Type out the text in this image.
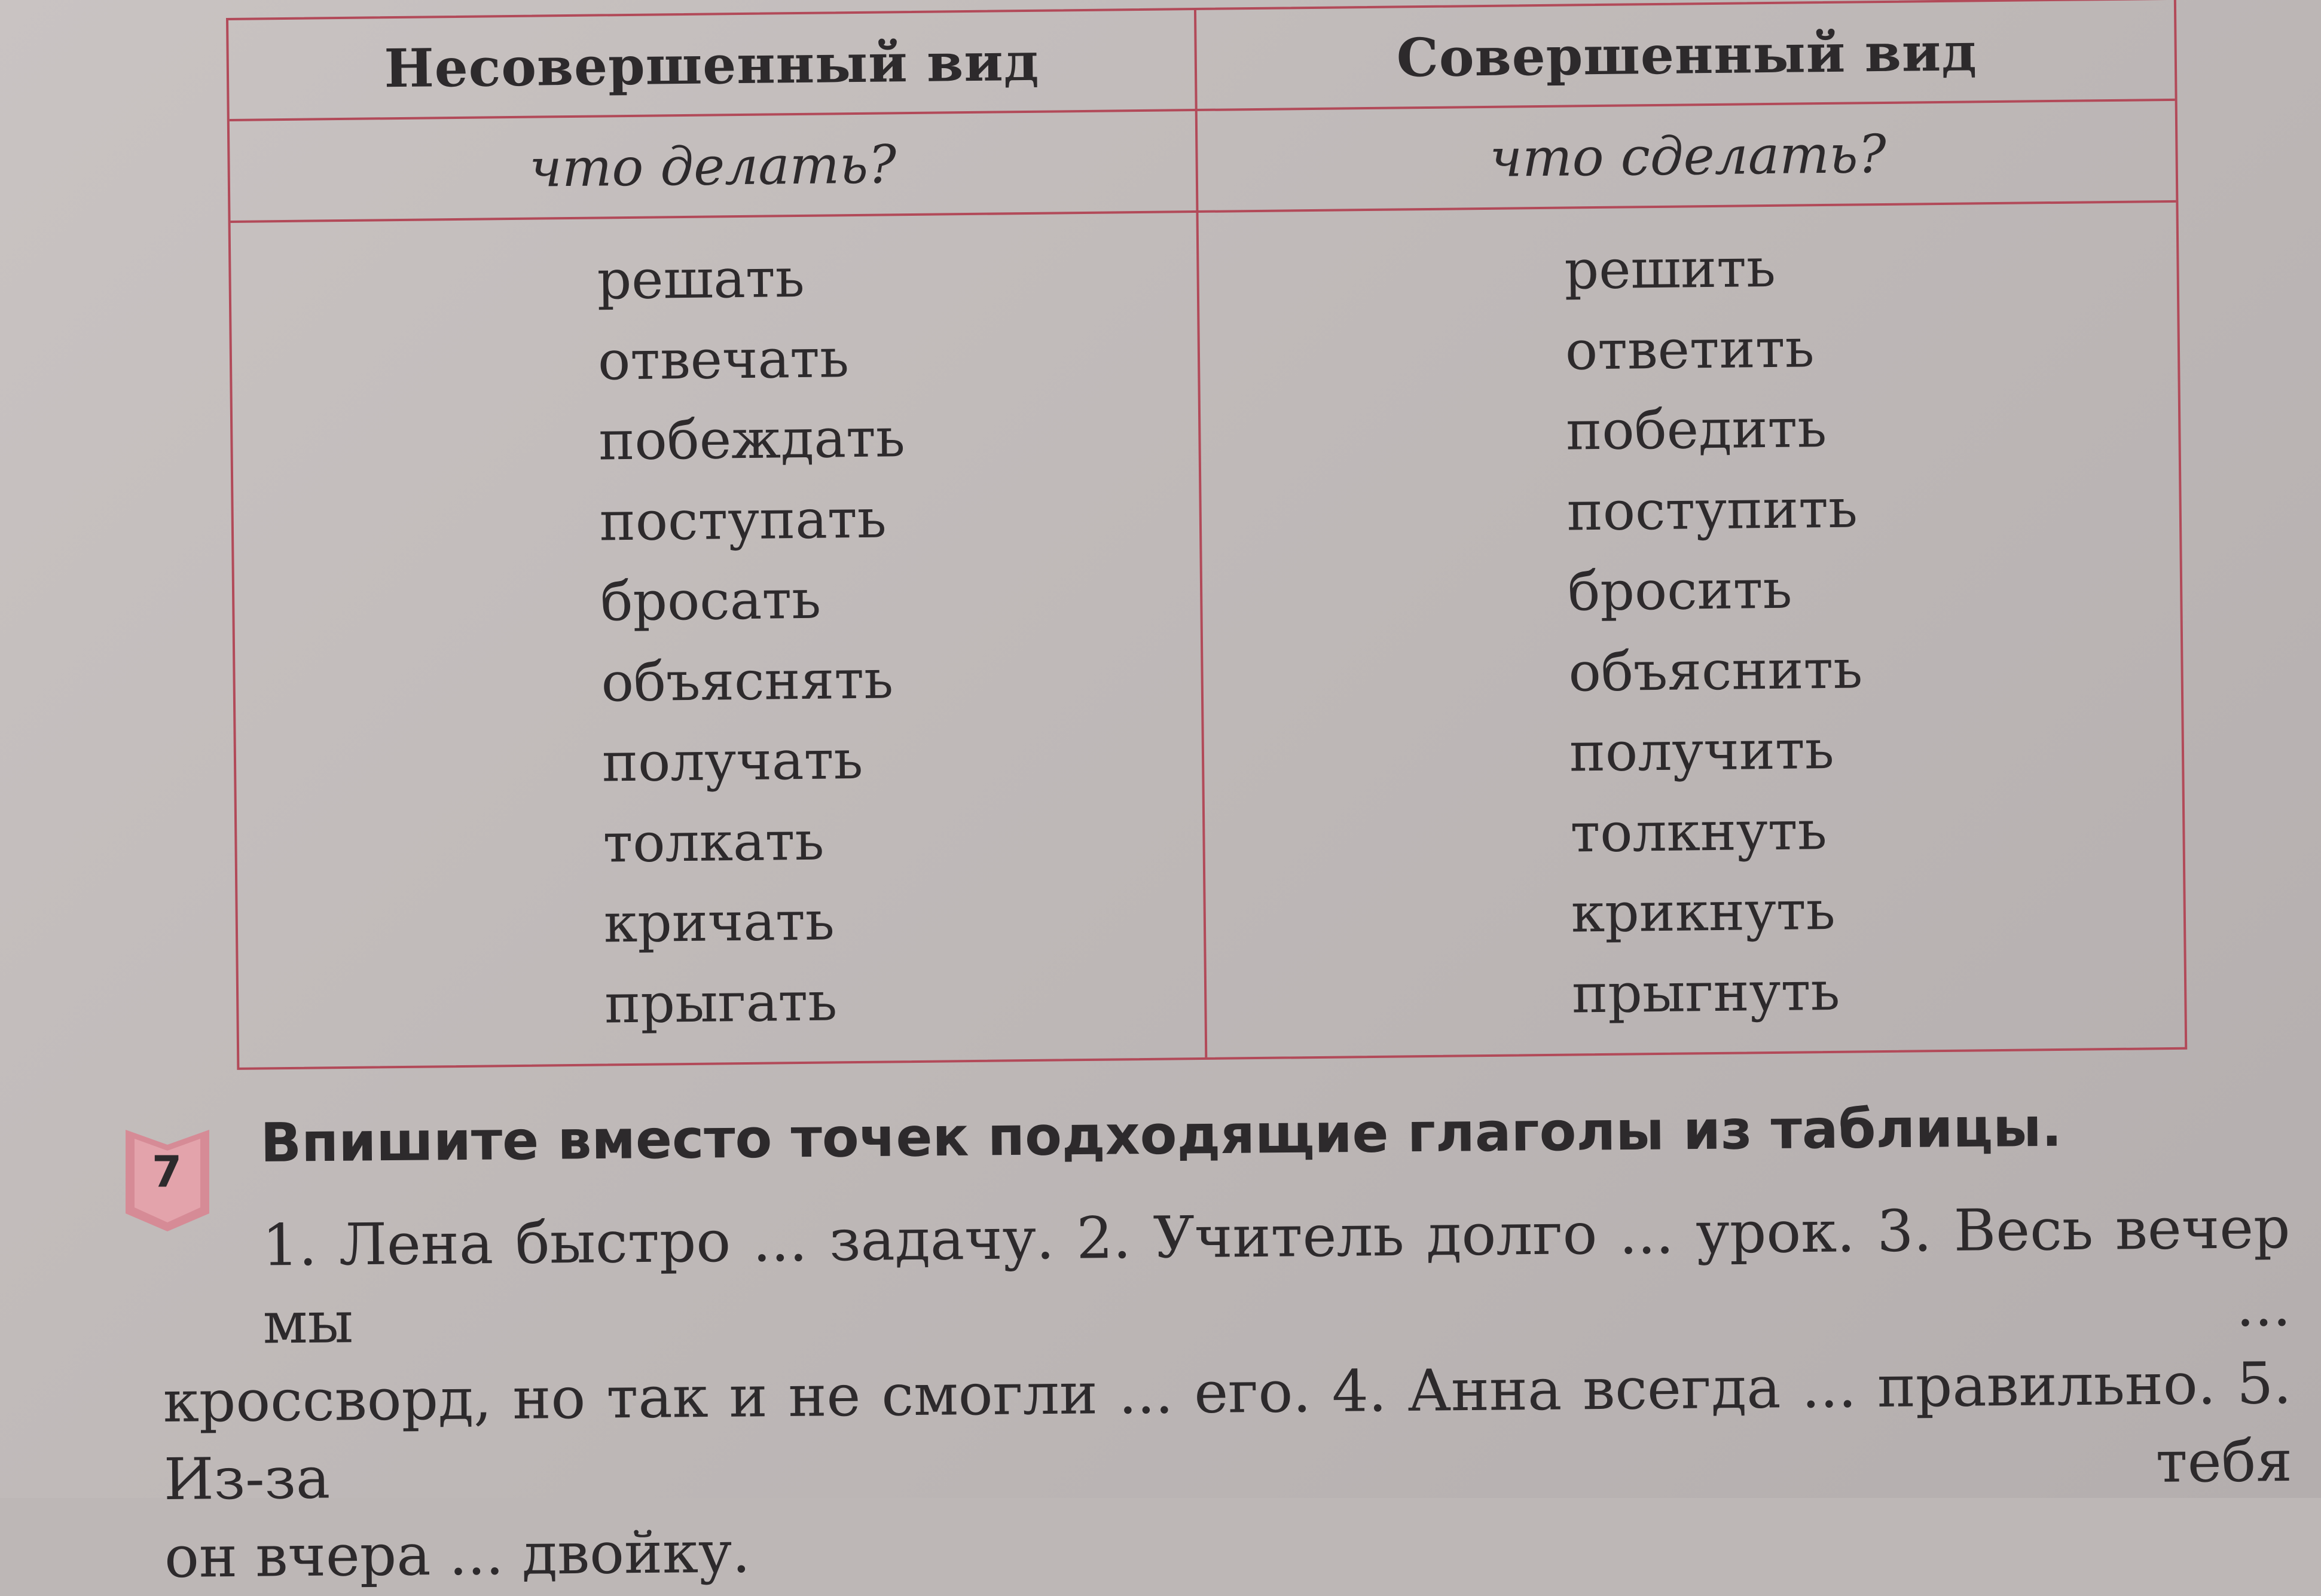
Несовершенный вид	Совершенный вид
что делать?	что сделать?
решать
отвечать
побеждать
поступать
бросать
объяснять
получать
толкать
кричать
прыгать
решить
ответить
победить
поступить
бросить
объяснить
получить
толкнуть
крикнуть
прыгнуть
7 Впишите вместо точек подходящие глаголы из таблицы.
1. Лена быстро ... задачу. 2. Учитель долго ... урок. 3. Весь вечер мы ...
кроссворд, но так и не смогли ... его. 4. Анна всегда ... правильно. 5. Из-за тебя
он вчера ... двойку.
